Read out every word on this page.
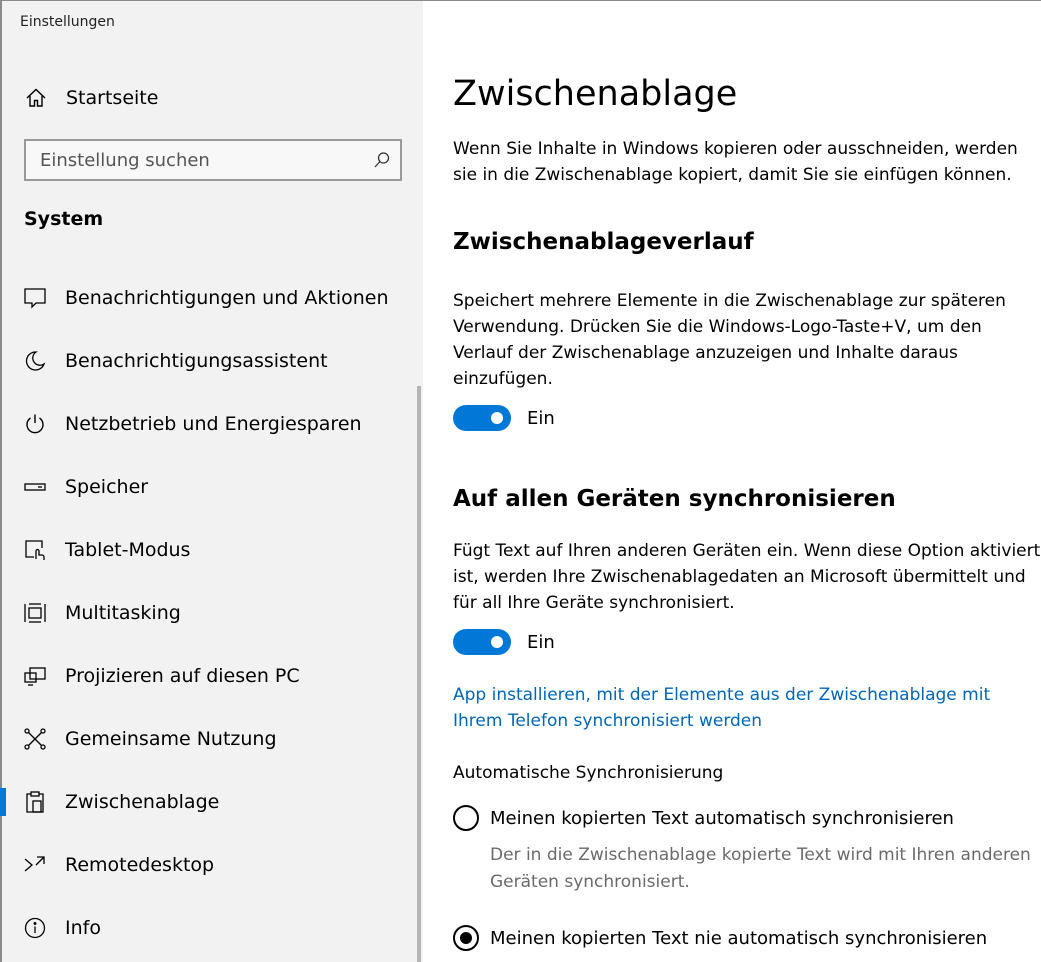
Einstellungen
Startseite
Einstellung suchen
System
Benachrichtigungen und Aktionen
Benachrichtigungsassistent
Netzbetrieb und Energiesparen
Speicher
Tablet-Modus
Multitasking
Projizieren auf diesen PC
Gemeinsame Nutzung
Zwischenablage
Remotedesktop
Info
Zwischenablage

Wenn Sie Inhalte in Windows kopieren oder ausschneiden, werden sie in die Zwischenablage kopiert, damit Sie sie einfügen können.

Zwischenablageverlauf

Speichert mehrere Elemente in die Zwischenablage zur späteren Verwendung. Drücken Sie die Windows-Logo-Taste+V, um den Verlauf der Zwischenablage anzuzeigen und Inhalte daraus einzufügen.

Ein
Auf allen Geräten synchronisieren

Fügt Text auf Ihren anderen Geräten ein. Wenn diese Option aktiviert ist, werden Ihre Zwischenablagedaten an Microsoft übermittelt und für all Ihre Geräte synchronisiert.

Ein
App installieren, mit der Elemente aus der Zwischenablage mit Ihrem Telefon synchronisiert werden
Automatische Synchronisierung
Meinen kopierten Text automatisch synchronisieren

Der in die Zwischenablage kopierte Text wird mit Ihren anderen Geräten synchronisiert.

Meinen kopierten Text nie automatisch synchronisieren
